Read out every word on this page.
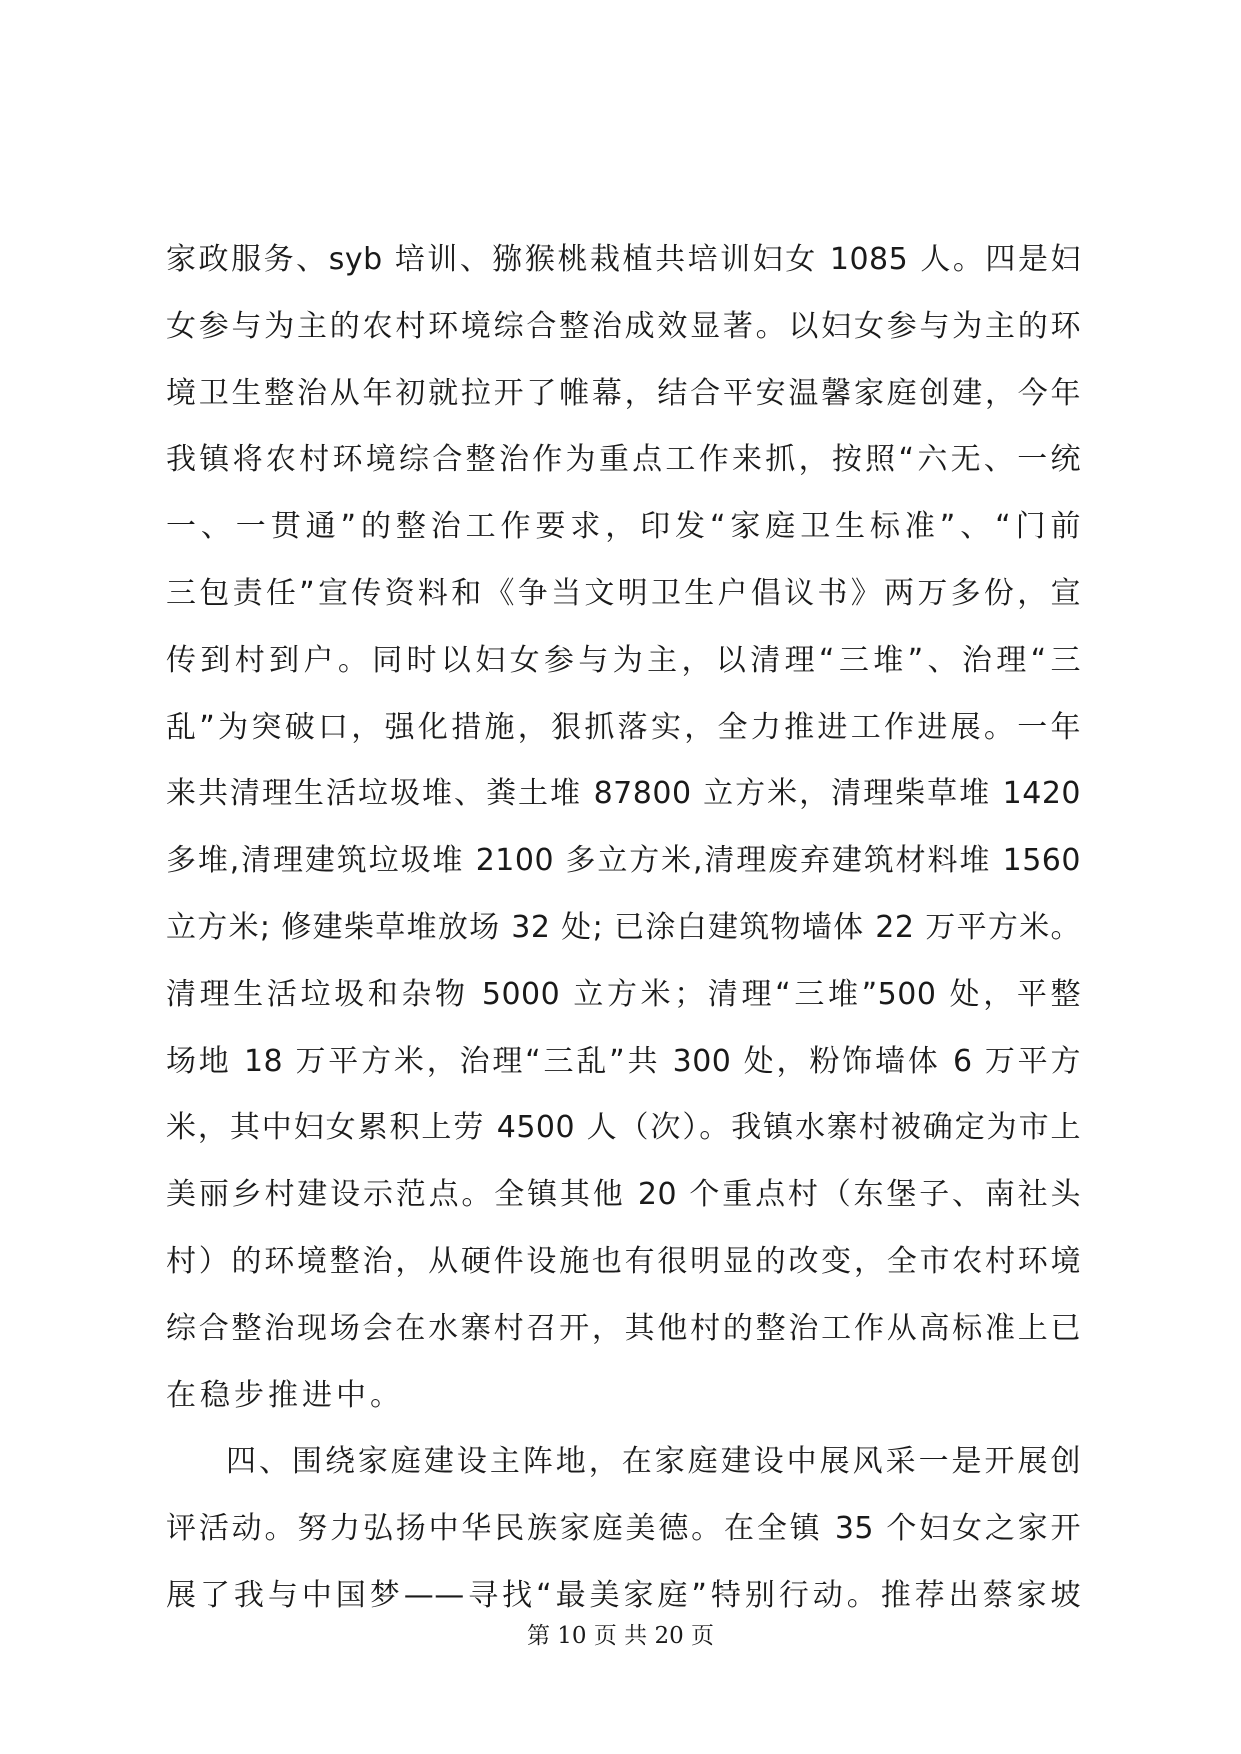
家政服务、syb 培训、猕猴桃栽植共培训妇女 1085 人。四是妇
女参与为主的农村环境综合整治成效显著。以妇女参与为主的环
境卫生整治从年初就拉开了帷幕，结合平安温馨家庭创建，今年
我镇将农村环境综合整治作为重点工作来抓，按照“六无、一统
一、一贯通”的整治工作要求，印发“家庭卫生标准”、“门前
三包责任”宣传资料和《争当文明卫生户倡议书》两万多份，宣
传到村到户。同时以妇女参与为主，以清理“三堆”、治理“三
乱”为突破口，强化措施，狠抓落实，全力推进工作进展。一年
来共清理生活垃圾堆、粪土堆 87800 立方米，清理柴草堆 1420
多堆,清理建筑垃圾堆 2100 多立方米,清理废弃建筑材料堆 1560
立方米; 修建柴草堆放场 32 处; 已涂白建筑物墙体 22 万平方米。
清理生活垃圾和杂物 5000 立方米；清理“三堆”500 处，平整
场地 18 万平方米，治理“三乱”共 300 处，粉饰墙体 6 万平方
米，其中妇女累积上劳 4500 人（次）。我镇水寨村被确定为市上
美丽乡村建设示范点。全镇其他 20 个重点村（东堡子、南社头
村）的环境整治，从硬件设施也有很明显的改变，全市农村环境
综合整治现场会在水寨村召开，其他村的整治工作从高标准上已
在稳步推进中。
四、围绕家庭建设主阵地，在家庭建设中展风采一是开展创
评活动。努力弘扬中华民族家庭美德。在全镇 35 个妇女之家开
展了我与中国梦——寻找“最美家庭”特别行动。推荐出蔡家坡
第 10 页 共 20 页
